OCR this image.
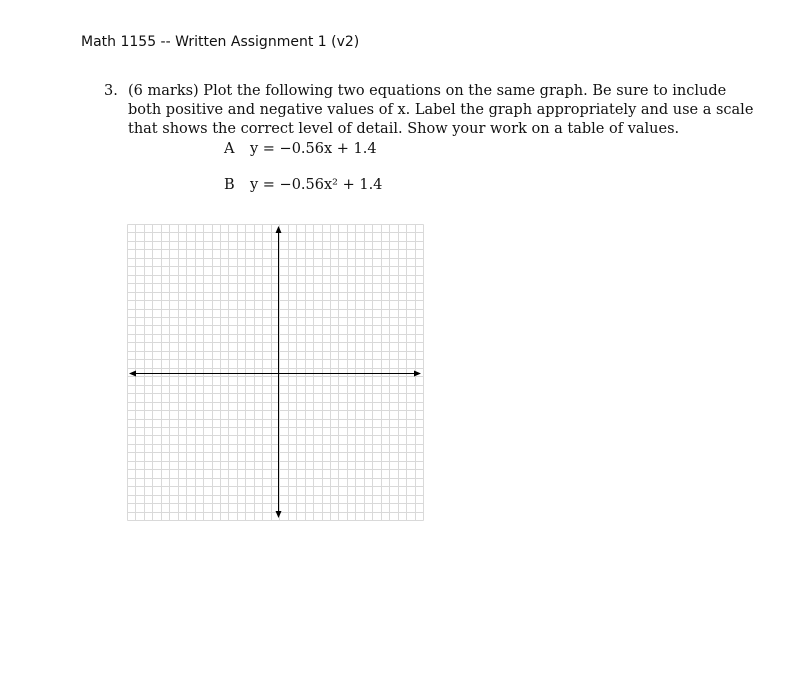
Math 1155 -- Written Assignment 1 (v2)
3. (6 marks) Plot the following two equations on the same graph. Be sure to include
both positive and negative values of x. Label the graph appropriately and use a scale
that shows the correct level of detail. Show your work on a table of values.
A y = −0.56x + 1.4
B y = −0.56x² + 1.4
